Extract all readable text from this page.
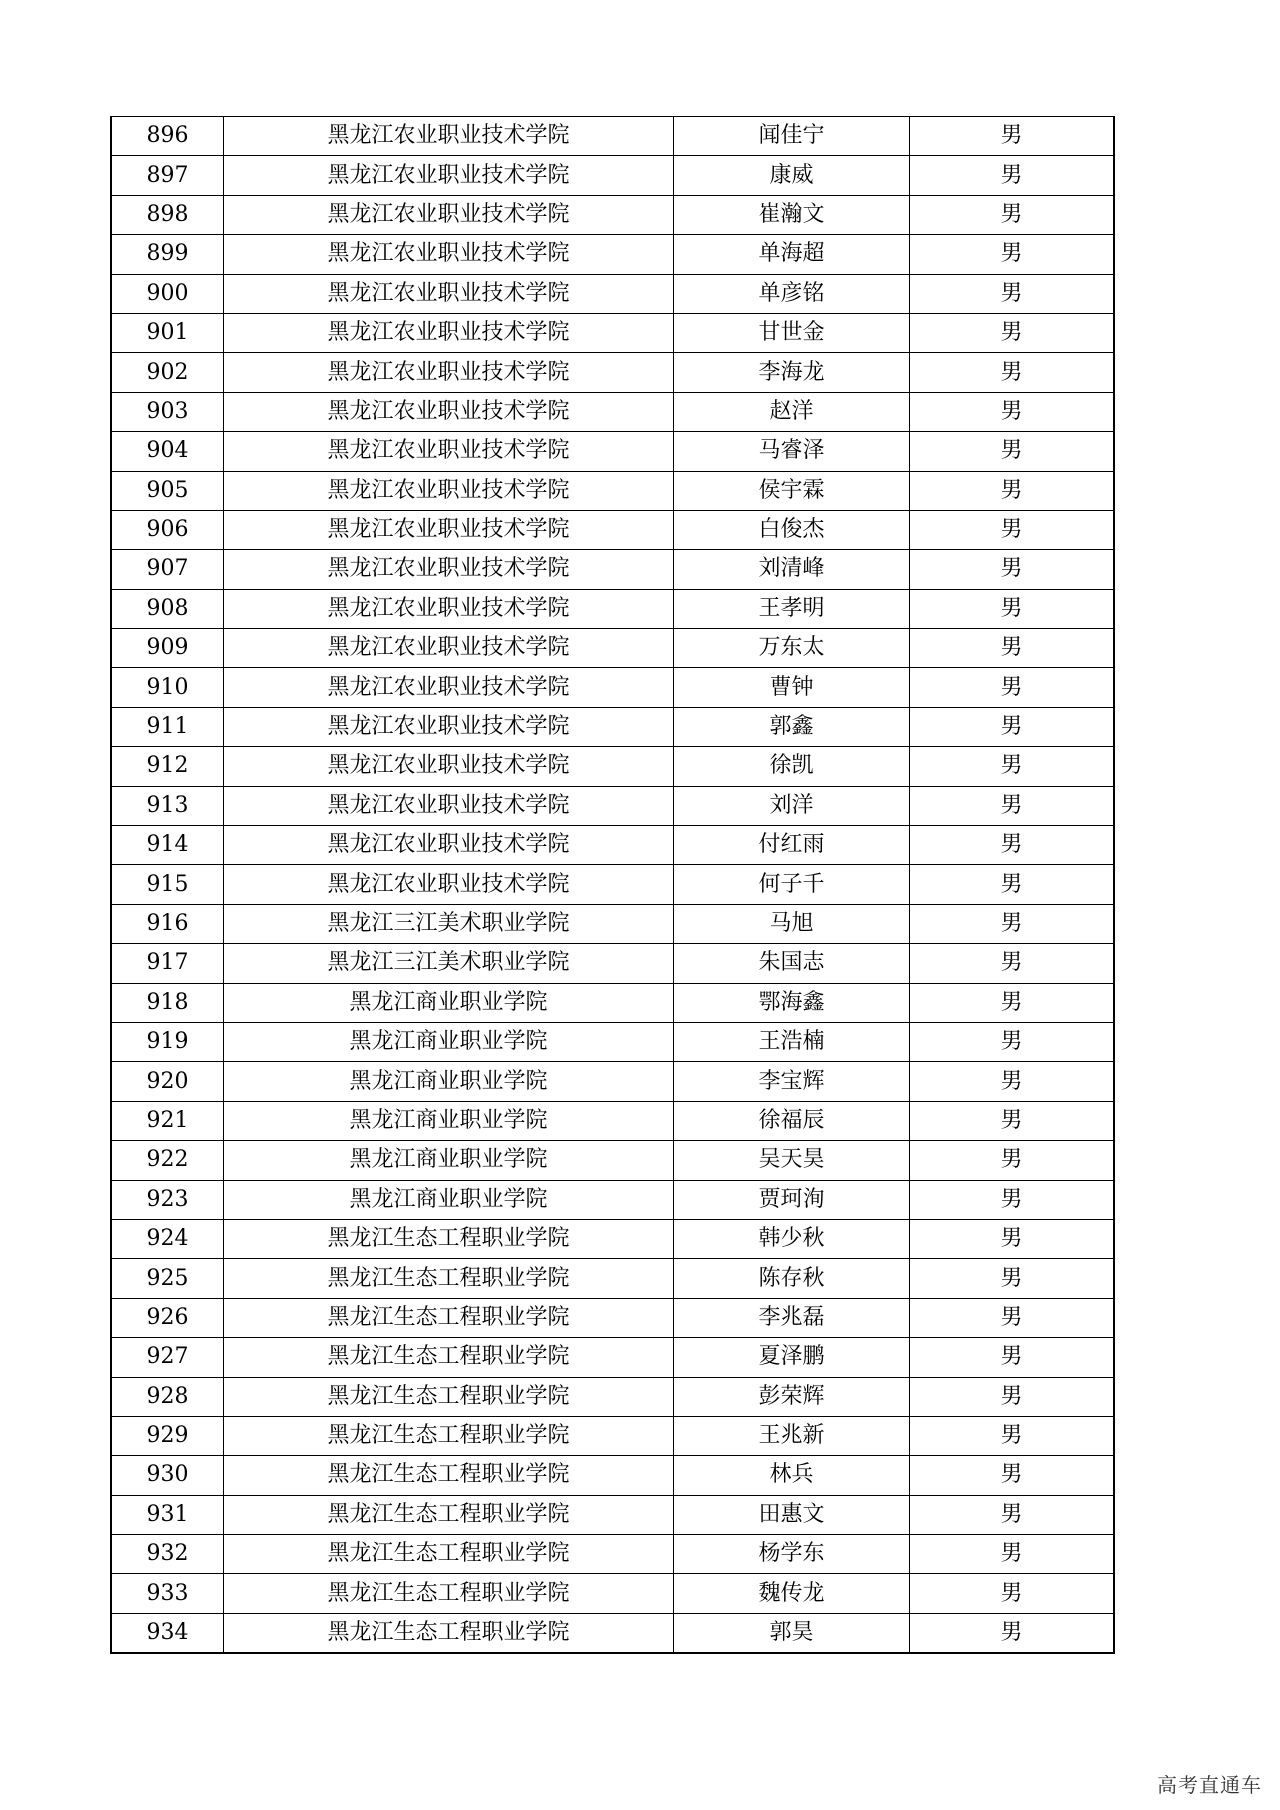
896	黑龙江农业职业技术学院	闻佳宁	男
897	黑龙江农业职业技术学院	康威	男
898	黑龙江农业职业技术学院	崔瀚文	男
899	黑龙江农业职业技术学院	单海超	男
900	黑龙江农业职业技术学院	单彦铭	男
901	黑龙江农业职业技术学院	甘世金	男
902	黑龙江农业职业技术学院	李海龙	男
903	黑龙江农业职业技术学院	赵洋	男
904	黑龙江农业职业技术学院	马睿泽	男
905	黑龙江农业职业技术学院	侯宇霖	男
906	黑龙江农业职业技术学院	白俊杰	男
907	黑龙江农业职业技术学院	刘清峰	男
908	黑龙江农业职业技术学院	王孝明	男
909	黑龙江农业职业技术学院	万东太	男
910	黑龙江农业职业技术学院	曹钟	男
911	黑龙江农业职业技术学院	郭鑫	男
912	黑龙江农业职业技术学院	徐凯	男
913	黑龙江农业职业技术学院	刘洋	男
914	黑龙江农业职业技术学院	付红雨	男
915	黑龙江农业职业技术学院	何子千	男
916	黑龙江三江美术职业学院	马旭	男
917	黑龙江三江美术职业学院	朱国志	男
918	黑龙江商业职业学院	鄂海鑫	男
919	黑龙江商业职业学院	王浩楠	男
920	黑龙江商业职业学院	李宝辉	男
921	黑龙江商业职业学院	徐福辰	男
922	黑龙江商业职业学院	吴天昊	男
923	黑龙江商业职业学院	贾珂洵	男
924	黑龙江生态工程职业学院	韩少秋	男
925	黑龙江生态工程职业学院	陈存秋	男
926	黑龙江生态工程职业学院	李兆磊	男
927	黑龙江生态工程职业学院	夏泽鹏	男
928	黑龙江生态工程职业学院	彭荣辉	男
929	黑龙江生态工程职业学院	王兆新	男
930	黑龙江生态工程职业学院	林兵	男
931	黑龙江生态工程职业学院	田惠文	男
932	黑龙江生态工程职业学院	杨学东	男
933	黑龙江生态工程职业学院	魏传龙	男
934	黑龙江生态工程职业学院	郭昊	男
高考直通车
